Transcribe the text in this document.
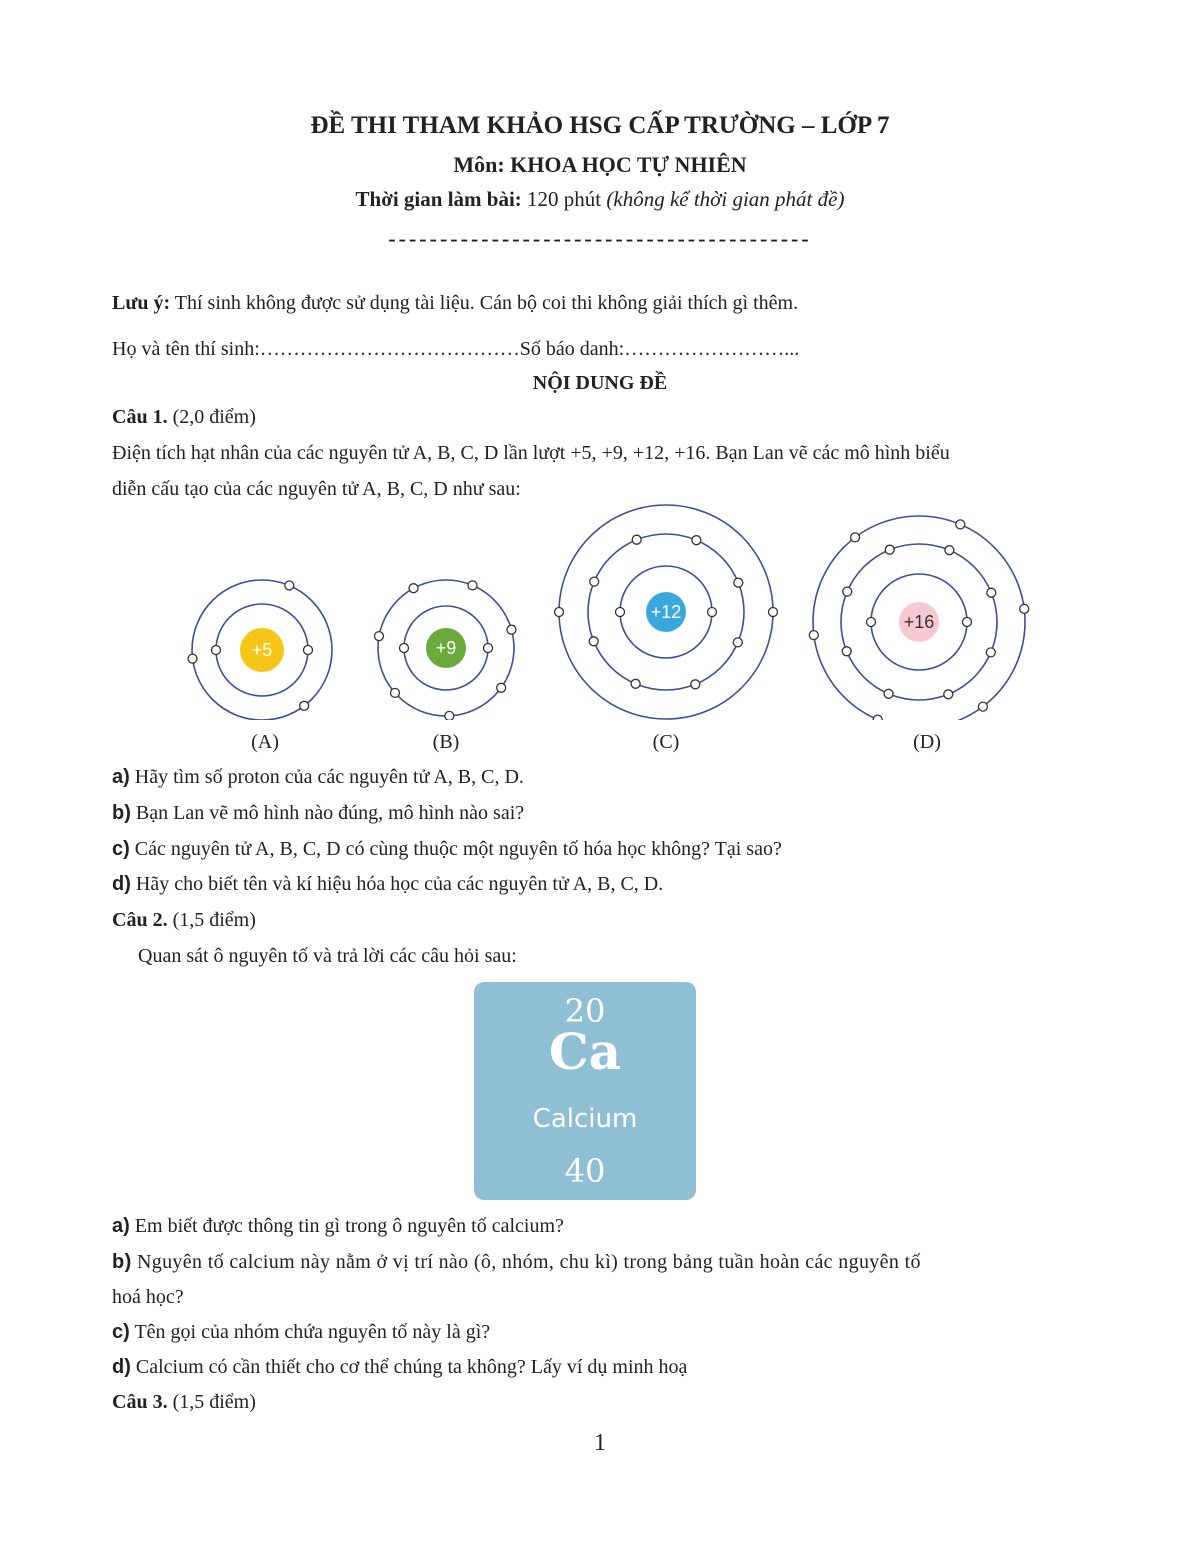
ĐỀ THI THAM KHẢO HSG CẤP TRƯỜNG – LỚP 7
Môn: KHOA HỌC TỰ NHIÊN
Thời gian làm bài: 120 phút (không kể thời gian phát đề)
-----------------------------------------
Lưu ý: Thí sinh không được sử dụng tài liệu. Cán bộ coi thi không giải thích gì thêm.
Họ và tên thí sinh:…………………………………Số báo danh:……………………...
NỘI DUNG ĐỀ
Câu 1. (2,0 điểm)
Điện tích hạt nhân của các nguyên tử A, B, C, D lần lượt +5, +9, +12, +16. Bạn Lan vẽ các mô hình biểu
diễn cấu tạo của các nguyên tử A, B, C, D như sau:
+5	+9
+12	+16
(A)	(B)	(C)	(D)
a) Hãy tìm số proton của các nguyên tử A, B, C, D.
b) Bạn Lan vẽ mô hình nào đúng, mô hình nào sai?
c) Các nguyên tử A, B, C, D có cùng thuộc một nguyên tố hóa học không? Tại sao?
d) Hãy cho biết tên và kí hiệu hóa học của các nguyên tử A, B, C, D.
Câu 2. (1,5 điểm)
Quan sát ô nguyên tố và trả lời các câu hỏi sau:
20
Ca
Calcium
40
a) Em biết được thông tin gì trong ô nguyên tố calcium?
b) Nguyên tố calcium này nằm ở vị trí nào (ô, nhóm, chu kì) trong bảng tuần hoàn các nguyên tố
hoá học?
c) Tên gọi của nhóm chứa nguyên tố này là gì?
d) Calcium có cần thiết cho cơ thể chúng ta không? Lấy ví dụ minh hoạ
Câu 3. (1,5 điểm)
1
